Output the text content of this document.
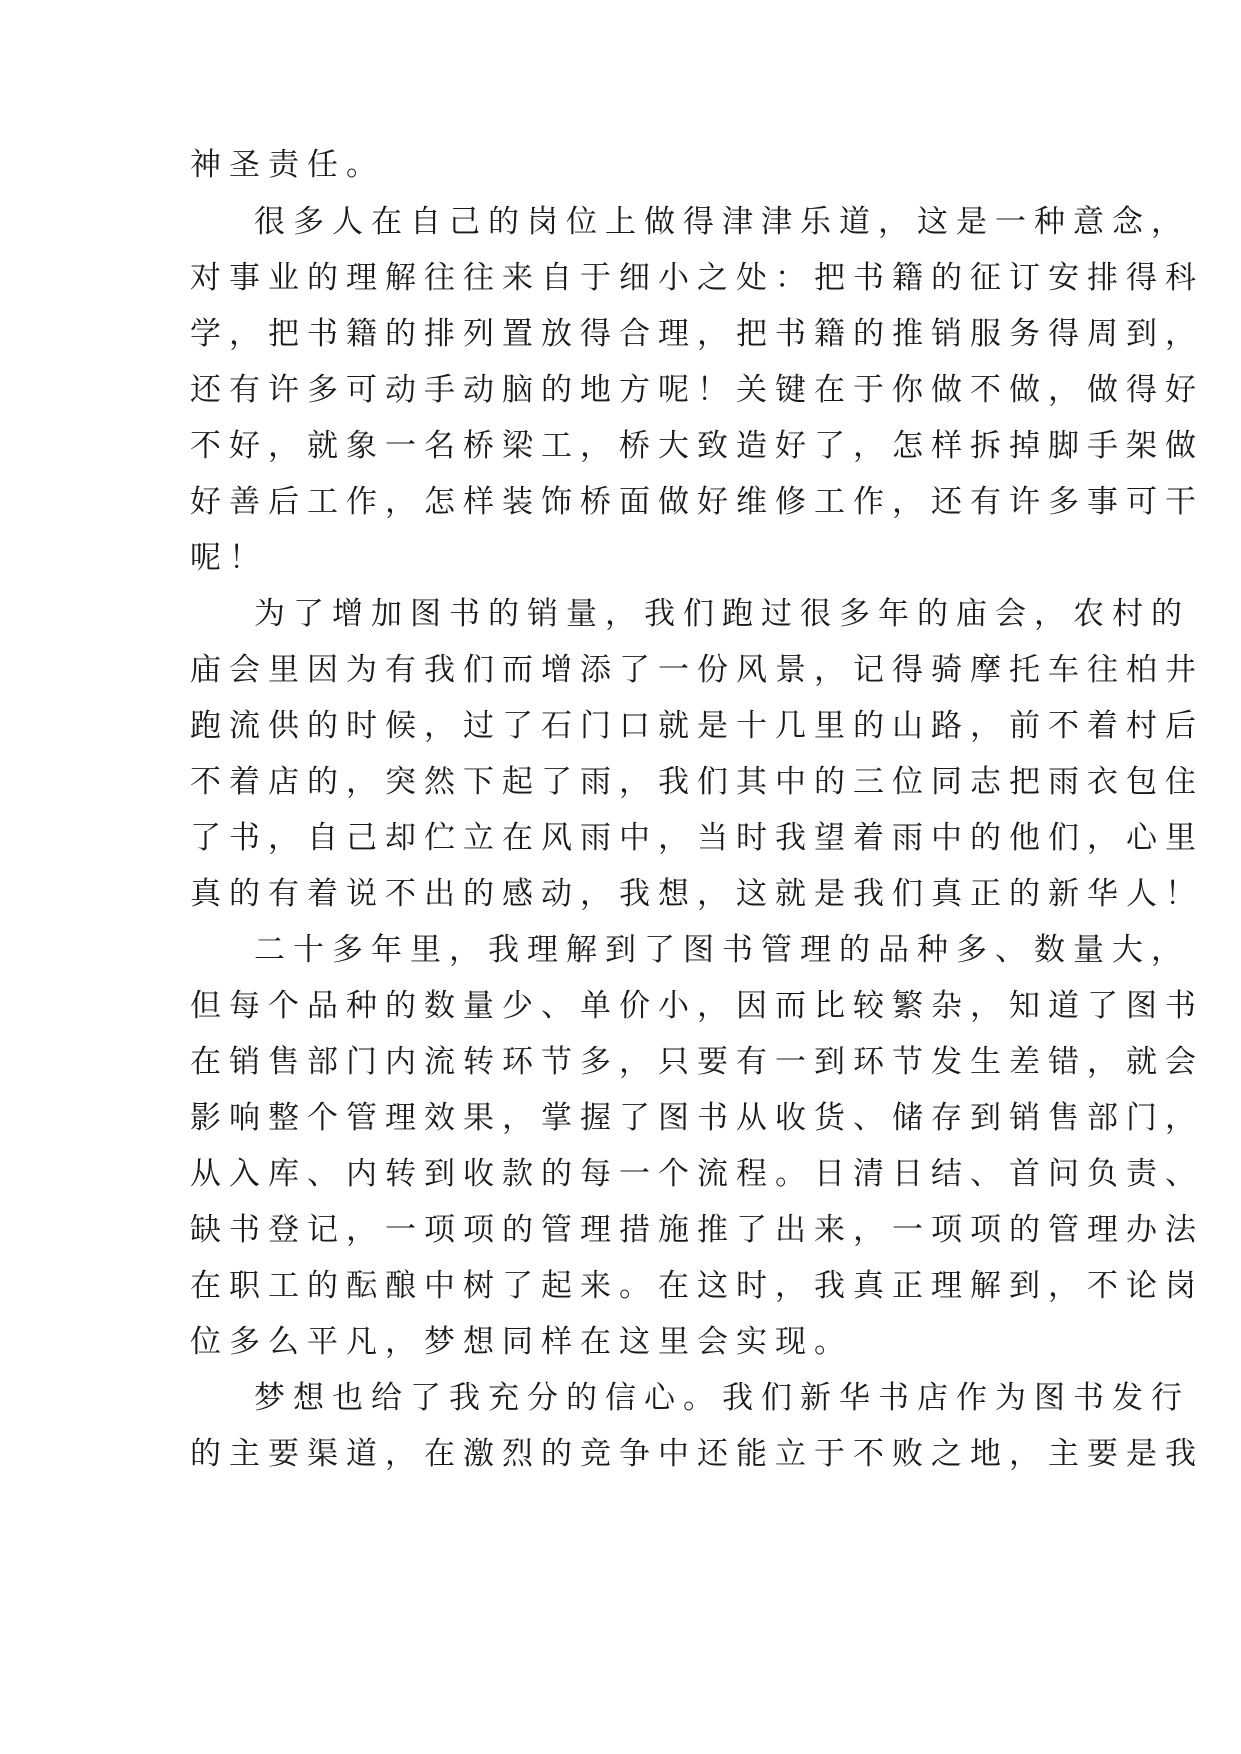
神圣责任。
很多人在自己的岗位上做得津津乐道，这是一种意念，
对事业的理解往往来自于细小之处：把书籍的征订安排得科
学，把书籍的排列置放得合理，把书籍的推销服务得周到，
还有许多可动手动脑的地方呢！关键在于你做不做，做得好
不好，就象一名桥梁工，桥大致造好了，怎样拆掉脚手架做
好善后工作，怎样装饰桥面做好维修工作，还有许多事可干
呢！
为了增加图书的销量，我们跑过很多年的庙会，农村的
庙会里因为有我们而增添了一份风景，记得骑摩托车往柏井
跑流供的时候，过了石门口就是十几里的山路，前不着村后
不着店的，突然下起了雨，我们其中的三位同志把雨衣包住
了书，自己却伫立在风雨中，当时我望着雨中的他们，心里
真的有着说不出的感动，我想，这就是我们真正的新华人！
二十多年里，我理解到了图书管理的品种多、数量大，
但每个品种的数量少、单价小，因而比较繁杂，知道了图书
在销售部门内流转环节多，只要有一到环节发生差错，就会
影响整个管理效果，掌握了图书从收货、储存到销售部门，
从入库、内转到收款的每一个流程。日清日结、首问负责、
缺书登记，一项项的管理措施推了出来，一项项的管理办法
在职工的酝酿中树了起来。在这时，我真正理解到，不论岗
位多么平凡，梦想同样在这里会实现。
梦想也给了我充分的信心。我们新华书店作为图书发行
的主要渠道，在激烈的竞争中还能立于不败之地，主要是我
